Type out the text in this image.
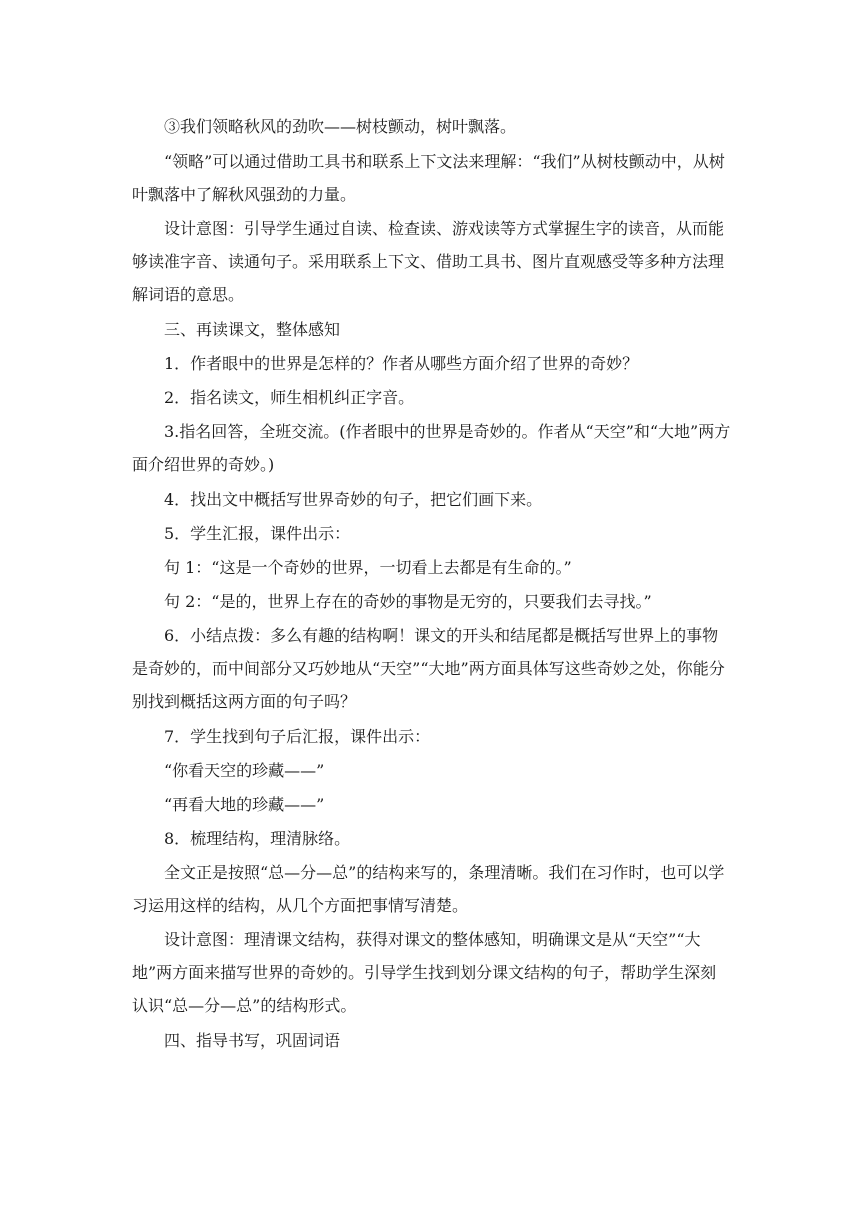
③我们领略秋风的劲吹——树枝颤动，树叶飘落。

“领略”可以通过借助工具书和联系上下文法来理解：“我们”从树枝颤动中，从树叶飘落中了解秋风强劲的力量。

设计意图：引导学生通过自读、检查读、游戏读等方式掌握生字的读音，从而能够读准字音、读通句子。采用联系上下文、借助工具书、图片直观感受等多种方法理解词语的意思。

三、再读课文，整体感知

1．作者眼中的世界是怎样的？作者从哪些方面介绍了世界的奇妙？

2．指名读文，师生相机纠正字音。

3.指名回答，全班交流。(作者眼中的世界是奇妙的。作者从“天空”和“大地”两方面介绍世界的奇妙。)

4．找出文中概括写世界奇妙的句子，把它们画下来。

5．学生汇报，课件出示：

句 1：“这是一个奇妙的世界，一切看上去都是有生命的。”

句 2：“是的，世界上存在的奇妙的事物是无穷的，只要我们去寻找。”

6．小结点拨：多么有趣的结构啊！课文的开头和结尾都是概括写世界上的事物是奇妙的，而中间部分又巧妙地从“天空”“大地”两方面具体写这些奇妙之处，你能分别找到概括这两方面的句子吗？

7．学生找到句子后汇报，课件出示：

“你看天空的珍藏——”

“再看大地的珍藏——”

8．梳理结构，理清脉络。

全文正是按照“总—分—总”的结构来写的，条理清晰。我们在习作时，也可以学习运用这样的结构，从几个方面把事情写清楚。

设计意图：理清课文结构，获得对课文的整体感知，明确课文是从“天空”“大地”两方面来描写世界的奇妙的。引导学生找到划分课文结构的句子，帮助学生深刻认识“总—分—总”的结构形式。

四、指导书写，巩固词语
